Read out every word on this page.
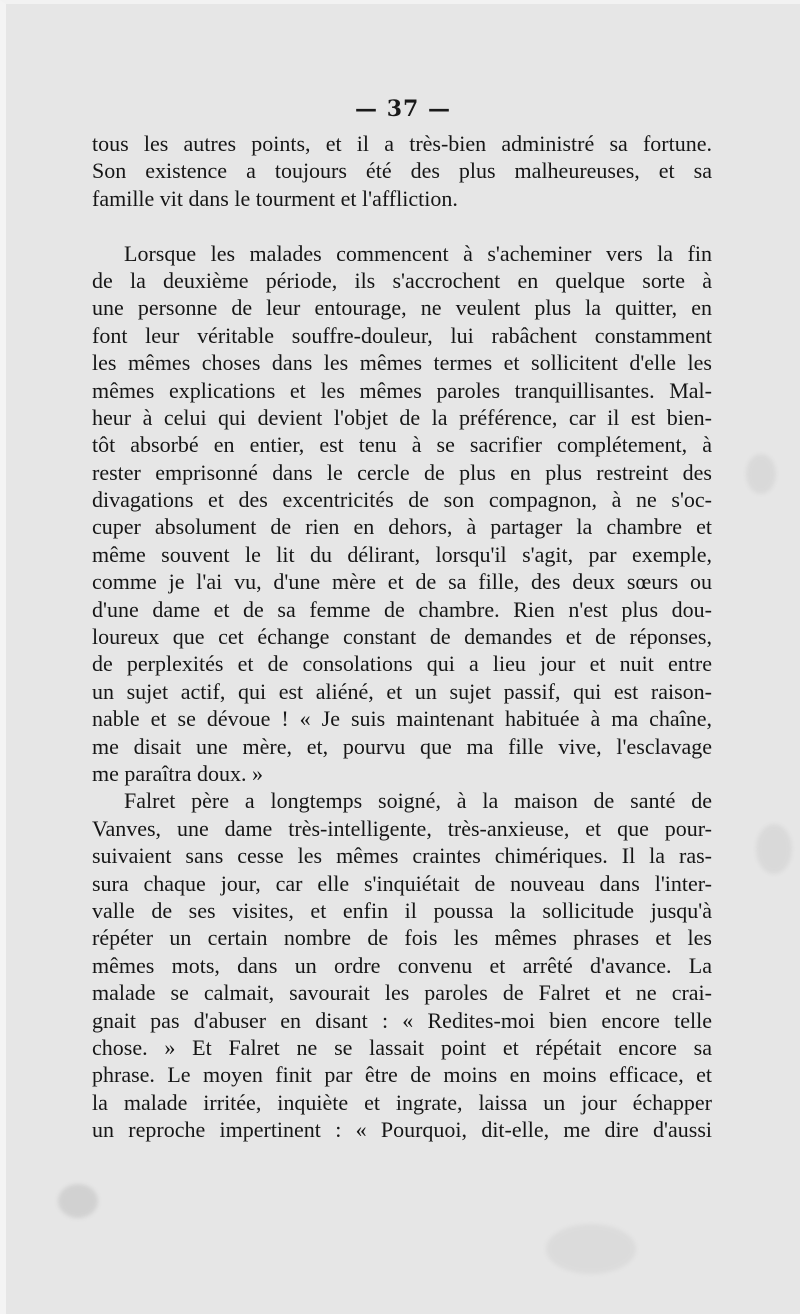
— 37 —

tous les autres points, et il a très-bien administré sa fortune.
Son existence a toujours été des plus malheureuses, et sa
famille vit dans le tourment et l'affliction.
Lorsque les malades commencent à s'acheminer vers la fin
de la deuxième période, ils s'accrochent en quelque sorte à
une personne de leur entourage, ne veulent plus la quitter, en
font leur véritable souffre-douleur, lui rabâchent constamment
les mêmes choses dans les mêmes termes et sollicitent d'elle les
mêmes explications et les mêmes paroles tranquillisantes. Mal-
heur à celui qui devient l'objet de la préférence, car il est bien-
tôt absorbé en entier, est tenu à se sacrifier complétement, à
rester emprisonné dans le cercle de plus en plus restreint des
divagations et des excentricités de son compagnon, à ne s'oc-
cuper absolument de rien en dehors, à partager la chambre et
même souvent le lit du délirant, lorsqu'il s'agit, par exemple,
comme je l'ai vu, d'une mère et de sa fille, des deux sœurs ou
d'une dame et de sa femme de chambre. Rien n'est plus dou-
loureux que cet échange constant de demandes et de réponses,
de perplexités et de consolations qui a lieu jour et nuit entre
un sujet actif, qui est aliéné, et un sujet passif, qui est raison-
nable et se dévoue ! « Je suis maintenant habituée à ma chaîne,
me disait une mère, et, pourvu que ma fille vive, l'esclavage
me paraîtra doux. »
Falret père a longtemps soigné, à la maison de santé de
Vanves, une dame très-intelligente, très-anxieuse, et que pour-
suivaient sans cesse les mêmes craintes chimériques. Il la ras-
sura chaque jour, car elle s'inquiétait de nouveau dans l'inter-
valle de ses visites, et enfin il poussa la sollicitude jusqu'à
répéter un certain nombre de fois les mêmes phrases et les
mêmes mots, dans un ordre convenu et arrêté d'avance. La
malade se calmait, savourait les paroles de Falret et ne crai-
gnait pas d'abuser en disant : « Redites-moi bien encore telle
chose. » Et Falret ne se lassait point et répétait encore sa
phrase. Le moyen finit par être de moins en moins efficace, et
la malade irritée, inquiète et ingrate, laissa un jour échapper
un reproche impertinent : « Pourquoi, dit-elle, me dire d'aussi
